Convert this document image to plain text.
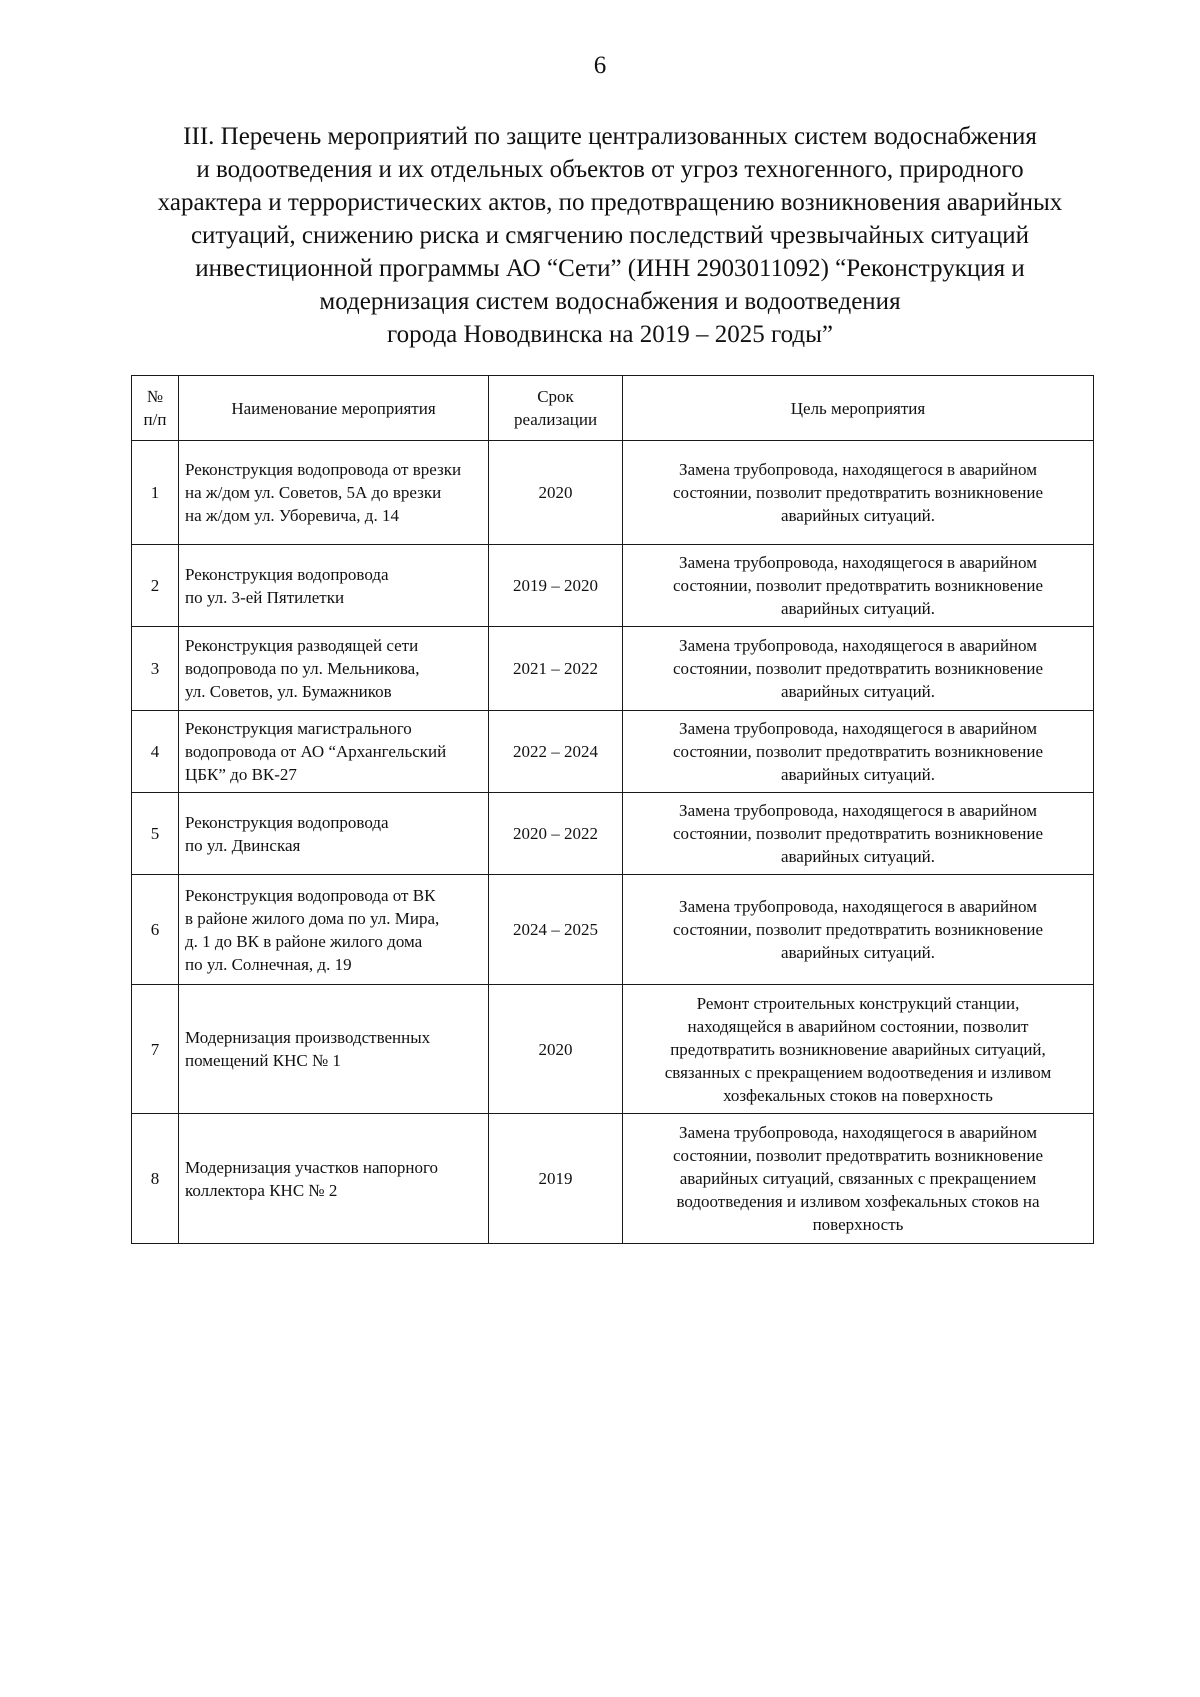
6
III. Перечень мероприятий по защите централизованных систем водоснабжения
и водоотведения и их отдельных объектов от угроз техногенного, природного
характера и террористических актов, по предотвращению возникновения аварийных
ситуаций, снижению риска и смягчению последствий чрезвычайных ситуаций
инвестиционной программы АО “Сети” (ИНН 2903011092) “Реконструкция и
модернизация систем водоснабжения и водоотведения
города Новодвинска на 2019 – 2025 годы”
№
п/п	Наименование мероприятия	Срок
реализации	Цель мероприятия
1	Реконструкция водопровода от врезки
на ж/дом ул. Советов, 5А до врезки
на ж/дом ул. Уборевича, д. 14	2020	Замена трубопровода, находящегося в аварийном
состоянии, позволит предотвратить возникновение
аварийных ситуаций.
2	Реконструкция водопровода
по ул. 3-ей Пятилетки	2019 – 2020	Замена трубопровода, находящегося в аварийном
состоянии, позволит предотвратить возникновение
аварийных ситуаций.
3	Реконструкция разводящей сети
водопровода по ул. Мельникова,
ул. Советов, ул. Бумажников	2021 – 2022	Замена трубопровода, находящегося в аварийном
состоянии, позволит предотвратить возникновение
аварийных ситуаций.
4	Реконструкция магистрального
водопровода от АО “Архангельский
ЦБК” до ВК-27	2022 – 2024	Замена трубопровода, находящегося в аварийном
состоянии, позволит предотвратить возникновение
аварийных ситуаций.
5	Реконструкция водопровода
по ул. Двинская	2020 – 2022	Замена трубопровода, находящегося в аварийном
состоянии, позволит предотвратить возникновение
аварийных ситуаций.
6	Реконструкция водопровода от ВК
в районе жилого дома по ул. Мира,
д. 1 до ВК в районе жилого дома
по ул. Солнечная, д. 19	2024 – 2025	Замена трубопровода, находящегося в аварийном
состоянии, позволит предотвратить возникновение
аварийных ситуаций.
7	Модернизация производственных
помещений КНС № 1	2020	Ремонт строительных конструкций станции,
находящейся в аварийном состоянии, позволит
предотвратить возникновение аварийных ситуаций,
связанных с прекращением водоотведения и изливом
хозфекальных стоков на поверхность
8	Модернизация участков напорного
коллектора КНС № 2	2019	Замена трубопровода, находящегося в аварийном
состоянии, позволит предотвратить возникновение
аварийных ситуаций, связанных с прекращением
водоотведения и изливом хозфекальных стоков на
поверхность
